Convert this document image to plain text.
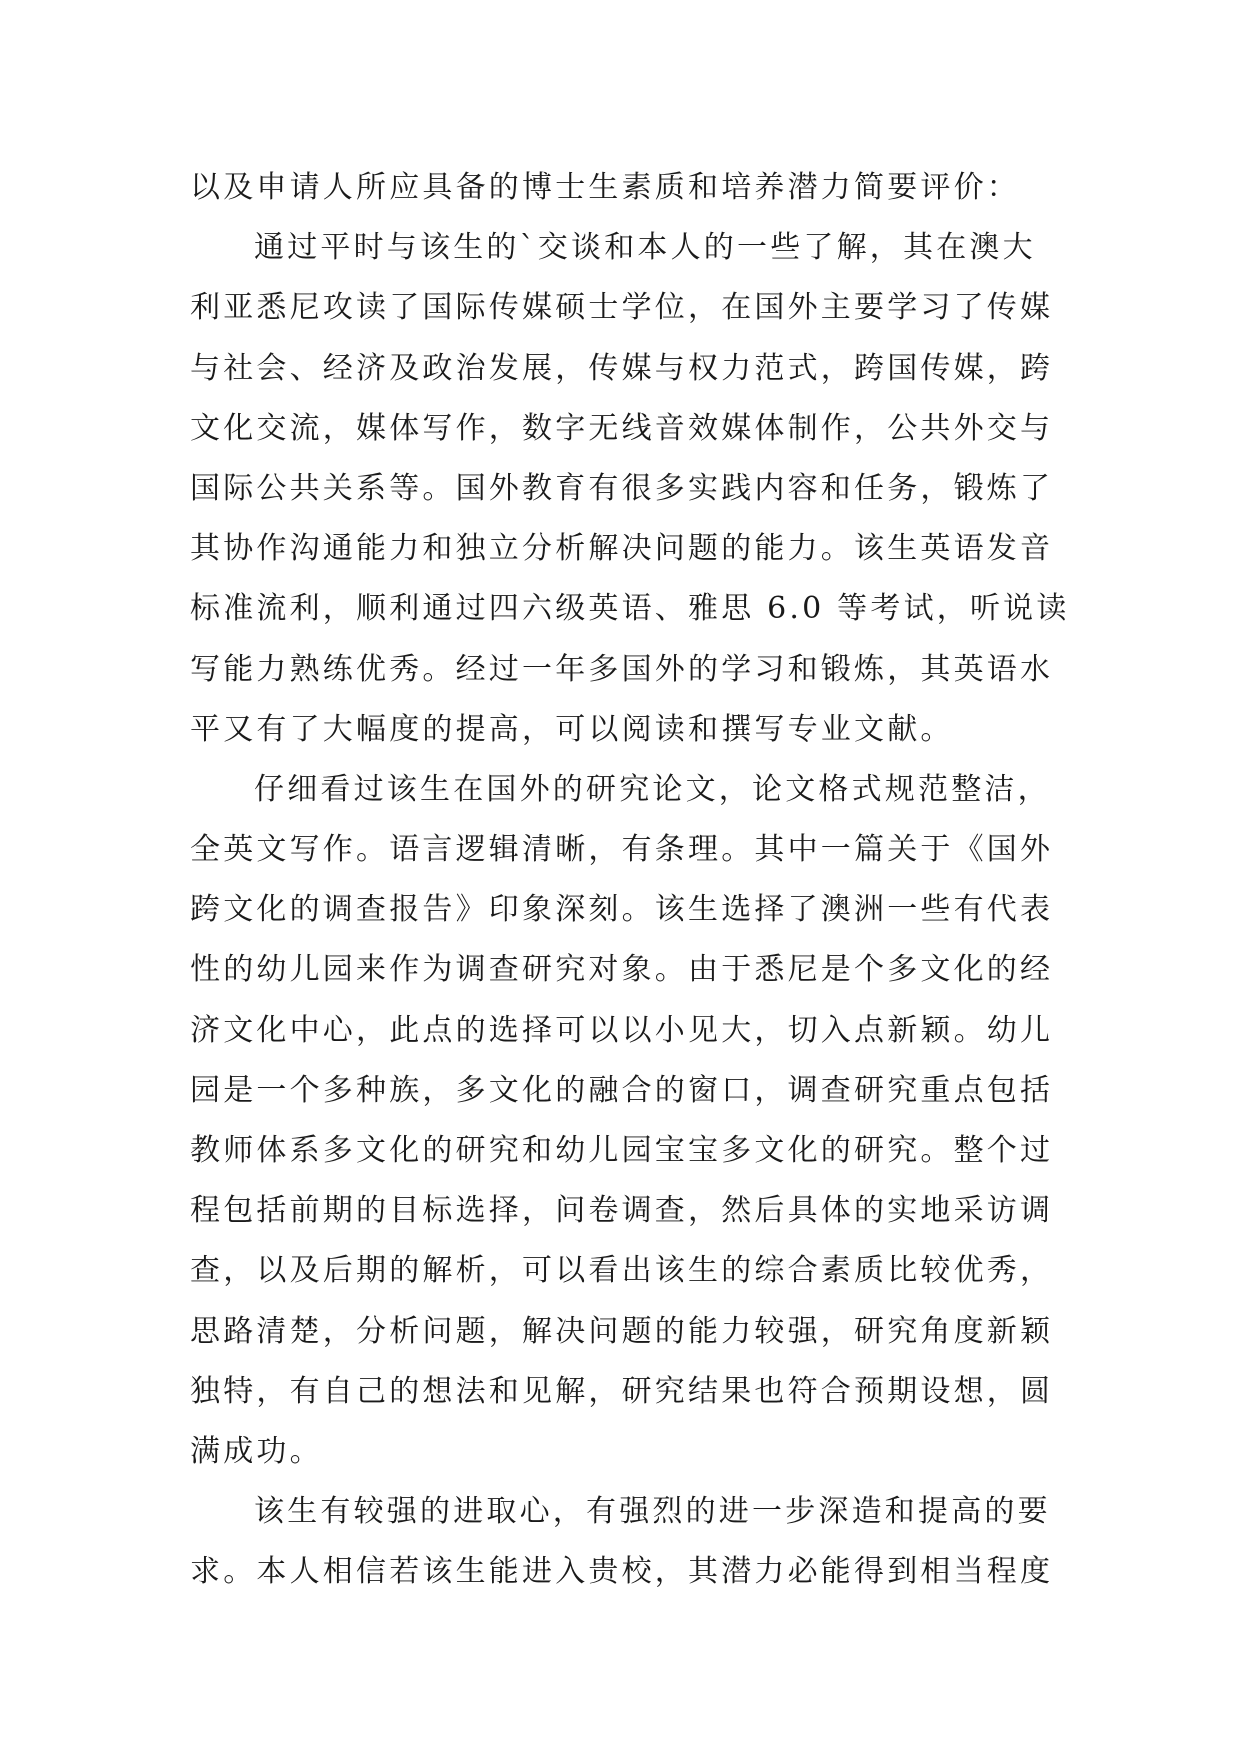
以及申请人所应具备的博士生素质和培养潜力简要评价：
通过平时与该生的`交谈和本人的一些了解，其在澳大
利亚悉尼攻读了国际传媒硕士学位，在国外主要学习了传媒
与社会、经济及政治发展，传媒与权力范式，跨国传媒，跨
文化交流，媒体写作，数字无线音效媒体制作，公共外交与
国际公共关系等。国外教育有很多实践内容和任务，锻炼了
其协作沟通能力和独立分析解决问题的能力。该生英语发音
标准流利，顺利通过四六级英语、雅思 6.0 等考试，听说读
写能力熟练优秀。经过一年多国外的学习和锻炼，其英语水
平又有了大幅度的提高，可以阅读和撰写专业文献。
仔细看过该生在国外的研究论文，论文格式规范整洁，
全英文写作。语言逻辑清晰，有条理。其中一篇关于《国外
跨文化的调查报告》印象深刻。该生选择了澳洲一些有代表
性的幼儿园来作为调查研究对象。由于悉尼是个多文化的经
济文化中心，此点的选择可以以小见大，切入点新颖。幼儿
园是一个多种族，多文化的融合的窗口，调查研究重点包括
教师体系多文化的研究和幼儿园宝宝多文化的研究。整个过
程包括前期的目标选择，问卷调查，然后具体的实地采访调
查，以及后期的解析，可以看出该生的综合素质比较优秀，
思路清楚，分析问题，解决问题的能力较强，研究角度新颖
独特，有自己的想法和见解，研究结果也符合预期设想，圆
满成功。
该生有较强的进取心，有强烈的进一步深造和提高的要
求。本人相信若该生能进入贵校，其潜力必能得到相当程度
